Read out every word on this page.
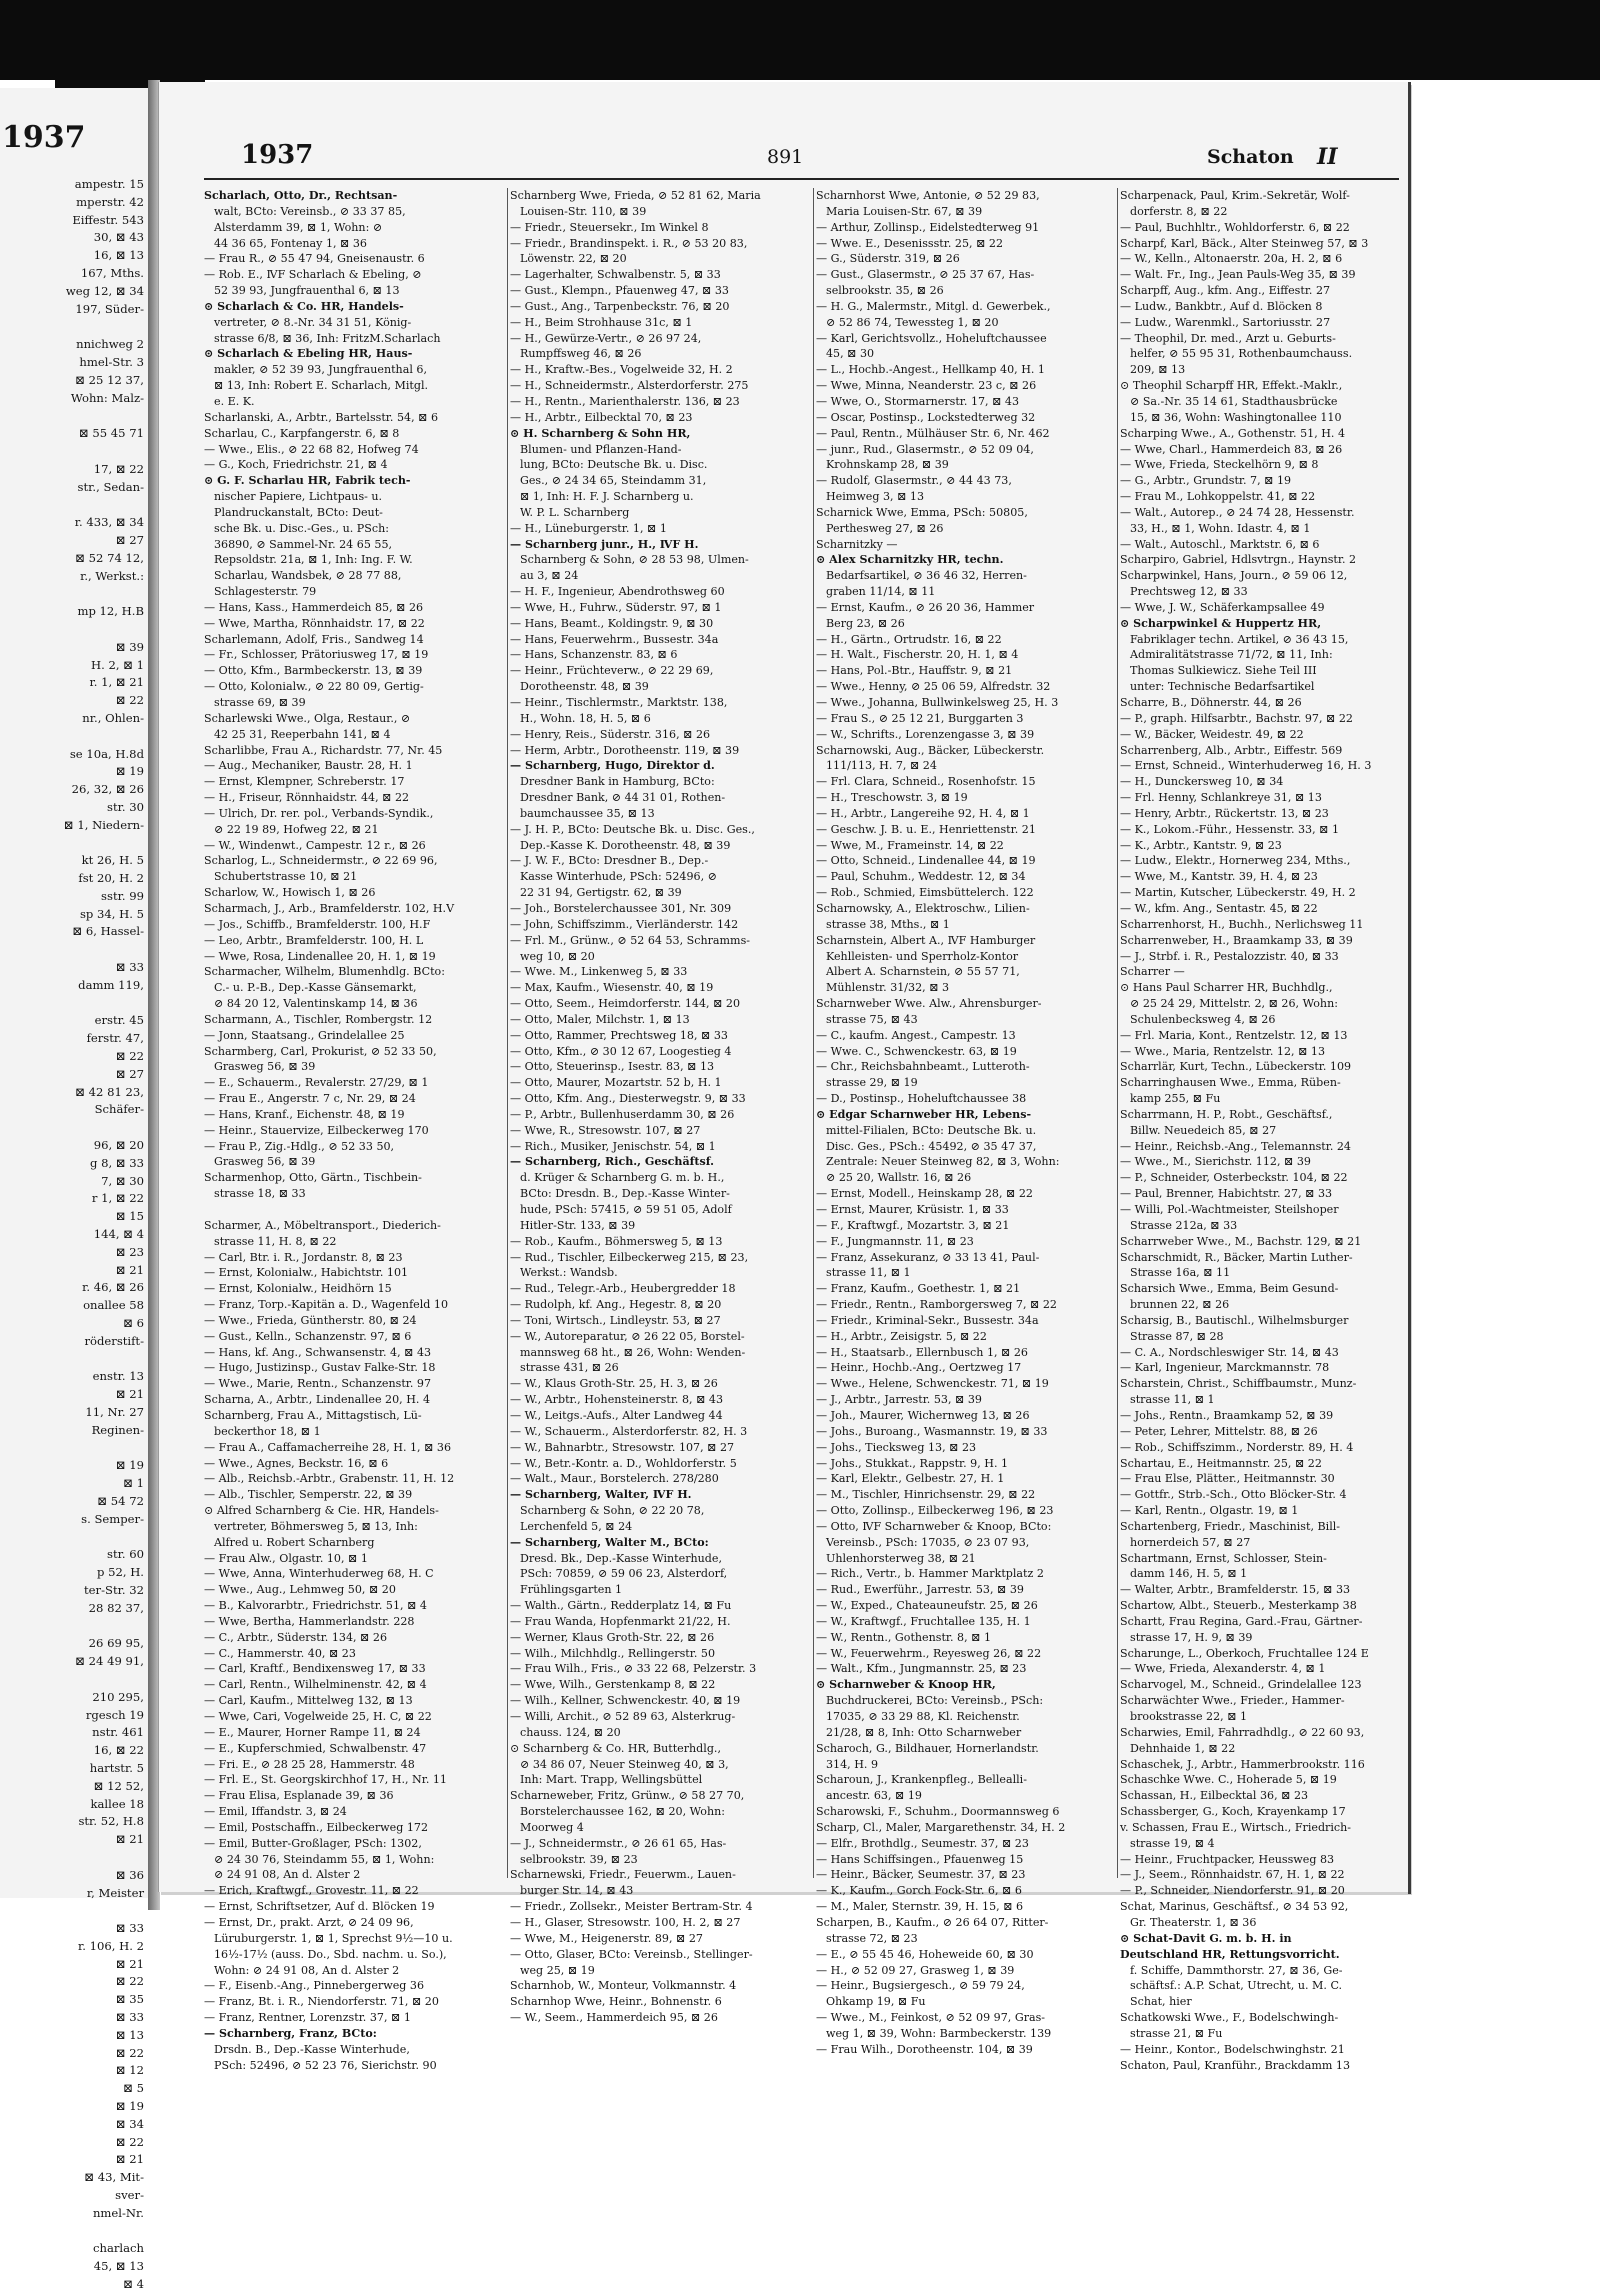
1937
ampestr. 15
mperstr. 42
Eiffestr. 543
30, ⊠ 43
16, ⊠ 13
167, Mths.
weg 12, ⊠ 34
197, Süder-

nnichweg 2
hmel-Str. 3
⊠ 25 12 37,
Wohn: Malz-

⊠ 55 45 71

17, ⊠ 22
str., Sedan-

r. 433, ⊠ 34
⊠ 27
⊠ 52 74 12,
r., Werkst.:

mp 12, H.B

⊠ 39
H. 2, ⊠ 1
r. 1, ⊠ 21
⊠ 22
nr., Ohlen-

se 10a, H.8d
⊠ 19
26, 32, ⊠ 26
str. 30
⊠ 1, Niedern-

kt 26, H. 5
fst 20, H. 2
sstr. 99
sp 34, H. 5
⊠ 6, Hassel-

⊠ 33
damm 119,

erstr. 45
ferstr. 47,
⊠ 22
⊠ 27
⊠ 42 81 23,
Schäfer-

96, ⊠ 20
g 8, ⊠ 33
7, ⊠ 30
r 1, ⊠ 22
⊠ 15
144, ⊠ 4
⊠ 23
⊠ 21
r. 46, ⊠ 26
onallee 58
⊠ 6
röderstift-

enstr. 13
⊠ 21
11, Nr. 27
Reginen-

⊠ 19
⊠ 1
⊠ 54 72
s. Semper-

str. 60
p 52, H.
ter-Str. 32
28 82 37,

26 69 95,
⊠ 24 49 91,

210 295,
rgesch 19
nstr. 461
16, ⊠ 22
hartstr. 5
⊠ 12 52,
kallee 18
str. 52, H.8
⊠ 21

⊠ 36
r, Meister

⊠ 33
r. 106, H. 2
⊠ 21
⊠ 22
⊠ 35
⊠ 33
⊠ 13
⊠ 22
⊠ 12
⊠ 5
⊠ 19
⊠ 34
⊠ 22
⊠ 21
⊠ 43, Mit-
sver-
nmel-Nr.

charlach
45, ⊠ 13
⊠ 4
1937	891	Schaton II
Scharlach, Otto, Dr., Rechtsan-
walt, BCto: Vereinsb., ⊘ 33 37 85,
Alsterdamm 39, ⊠ 1, Wohn: ⊘
44 36 65, Fontenay 1, ⊠ 36
— Frau R., ⊘ 55 47 94, Gneisenaustr. 6
— Rob. E., ⅣF Scharlach & Ebeling, ⊘
52 39 93, Jungfrauenthal 6, ⊠ 13
⊙ Scharlach & Co. HR, Handels-
vertreter, ⊘ 8.-Nr. 34 31 51, König-
strasse 6/8, ⊠ 36, Inh: FritzM.Scharlach
⊙ Scharlach & Ebeling HR, Haus-
makler, ⊘ 52 39 93, Jungfrauenthal 6,
⊠ 13, Inh: Robert E. Scharlach, Mitgl.
e. E. K.
Scharlanski, A., Arbtr., Bartelsstr. 54, ⊠ 6
Scharlau, C., Karpfangerstr. 6, ⊠ 8
— Wwe., Elis., ⊘ 22 68 82, Hofweg 74
— G., Koch, Friedrichstr. 21, ⊠ 4
⊙ G. F. Scharlau HR, Fabrik tech-
nischer Papiere, Lichtpaus- u.
Plandruckanstalt, BCto: Deut-
sche Bk. u. Disc.-Ges., u. PSch:
36890, ⊘ Sammel-Nr. 24 65 55,
Repsoldstr. 21a, ⊠ 1, Inh: Ing. F. W.
Scharlau, Wandsbek, ⊘ 28 77 88,
Schlagesterstr. 79
— Hans, Kass., Hammerdeich 85, ⊠ 26
— Wwe, Martha, Rönnhaidstr. 17, ⊠ 22
Scharlemann, Adolf, Fris., Sandweg 14
— Fr., Schlosser, Prätoriusweg 17, ⊠ 19
— Otto, Kfm., Barmbeckerstr. 13, ⊠ 39
— Otto, Kolonialw., ⊘ 22 80 09, Gertig-
strasse 69, ⊠ 39
Scharlewski Wwe., Olga, Restaur., ⊘
42 25 31, Reeperbahn 141, ⊠ 4
Scharlibbe, Frau A., Richardstr. 77, Nr. 45
— Aug., Mechaniker, Baustr. 28, H. 1
— Ernst, Klempner, Schreberstr. 17
— H., Friseur, Rönnhaidstr. 44, ⊠ 22
— Ulrich, Dr. rer. pol., Verbands-Syndik.,
⊘ 22 19 89, Hofweg 22, ⊠ 21
— W., Windenwt., Campestr. 12 r., ⊠ 26
Scharlog, L., Schneidermstr., ⊘ 22 69 96,
Schubertstrasse 10, ⊠ 21
Scharlow, W., Howisch 1, ⊠ 26
Scharmach, J., Arb., Bramfelderstr. 102, H.V
— Jos., Schiffb., Bramfelderstr. 100, H.F
— Leo, Arbtr., Bramfelderstr. 100, H. L
— Wwe, Rosa, Lindenallee 20, H. 1, ⊠ 19
Scharmacher, Wilhelm, Blumenhdlg. BCto:
C.- u. P.-B., Dep.-Kasse Gänsemarkt,
⊘ 84 20 12, Valentinskamp 14, ⊠ 36
Scharmann, A., Tischler, Rombergstr. 12
— Jonn, Staatsang., Grindelallee 25
Scharmberg, Carl, Prokurist, ⊘ 52 33 50,
Grasweg 56, ⊠ 39
— E., Schauerm., Revalerstr. 27/29, ⊠ 1
— Frau E., Angerstr. 7 c, Nr. 29, ⊠ 24
— Hans, Kranf., Eichenstr. 48, ⊠ 19
— Heinr., Stauervize, Eilbeckerweg 170
— Frau P., Zig.-Hdlg., ⊘ 52 33 50,
Grasweg 56, ⊠ 39
Scharmenhop, Otto, Gärtn., Tischbein-
strasse 18, ⊠ 33

Scharmer, A., Möbeltransport., Diederich-
strasse 11, H. 8, ⊠ 22
— Carl, Btr. i. R., Jordanstr. 8, ⊠ 23
— Ernst, Kolonialw., Habichtstr. 101
— Ernst, Kolonialw., Heidhörn 15
— Franz, Torp.-Kapitän a. D., Wagenfeld 10
— Wwe., Frieda, Güntherstr. 80, ⊠ 24
— Gust., Kelln., Schanzenstr. 97, ⊠ 6
— Hans, kf. Ang., Schwansenstr. 4, ⊠ 43
— Hugo, Justizinsp., Gustav Falke-Str. 18
— Wwe., Marie, Rentn., Schanzenstr. 97
Scharna, A., Arbtr., Lindenallee 20, H. 4
Scharnberg, Frau A., Mittagstisch, Lü-
beckerthor 18, ⊠ 1
— Frau A., Caffamacherreihe 28, H. 1, ⊠ 36
— Wwe., Agnes, Beckstr. 16, ⊠ 6
— Alb., Reichsb.-Arbtr., Grabenstr. 11, H. 12
— Alb., Tischler, Semperstr. 22, ⊠ 39
⊙ Alfred Scharnberg & Cie. HR, Handels-
vertreter, Böhmersweg 5, ⊠ 13, Inh:
Alfred u. Robert Scharnberg
— Frau Alw., Olgastr. 10, ⊠ 1
— Wwe, Anna, Winterhuderweg 68, H. C
— Wwe., Aug., Lehmweg 50, ⊠ 20
— B., Kalvorarbtr., Friedrichstr. 51, ⊠ 4
— Wwe, Bertha, Hammerlandstr. 228
— C., Arbtr., Süderstr. 134, ⊠ 26
— C., Hammerstr. 40, ⊠ 23
— Carl, Kraftf., Bendixensweg 17, ⊠ 33
— Carl, Rentn., Wilhelminenstr. 42, ⊠ 4
— Carl, Kaufm., Mittelweg 132, ⊠ 13
— Wwe, Cari, Vogelweide 25, H. C, ⊠ 22
— E., Maurer, Horner Rampe 11, ⊠ 24
— E., Kupferschmied, Schwalbenstr. 47
— Fri. E., ⊘ 28 25 28, Hammerstr. 48
— Frl. E., St. Georgskirchhof 17, H., Nr. 11
— Frau Elisa, Esplanade 39, ⊠ 36
— Emil, Iffandstr. 3, ⊠ 24
— Emil, Postschaffn., Eilbeckerweg 172
— Emil, Butter-Großlager, PSch: 1302,
⊘ 24 30 76, Steindamm 55, ⊠ 1, Wohn:
⊘ 24 91 08, An d. Alster 2
— Erich, Kraftwgf., Grovestr. 11, ⊠ 22
— Ernst, Schriftsetzer, Auf d. Blöcken 19
— Ernst, Dr., prakt. Arzt, ⊘ 24 09 96,
Lüruburgerstr. 1, ⊠ 1, Sprechst 9½—10 u.
16½-17½ (auss. Do., Sbd. nachm. u. So.),
Wohn: ⊘ 24 91 08, An d. Alster 2
— F., Eisenb.-Ang., Pinnebergerweg 36
— Franz, Bt. i. R., Niendorferstr. 71, ⊠ 20
— Franz, Rentner, Lorenzstr. 37, ⊠ 1
— Scharnberg, Franz, BCto:
Drsdn. B., Dep.-Kasse Winterhude,
PSch: 52496, ⊘ 52 23 76, Sierichstr. 90
Scharnberg Wwe, Frieda, ⊘ 52 81 62, Maria
Louisen-Str. 110, ⊠ 39
— Friedr., Steuersekr., Im Winkel 8
— Friedr., Brandinspekt. i. R., ⊘ 53 20 83,
Löwenstr. 22, ⊠ 20
— Lagerhalter, Schwalbenstr. 5, ⊠ 33
— Gust., Klempn., Pfauenweg 47, ⊠ 33
— Gust., Ang., Tarpenbeckstr. 76, ⊠ 20
— H., Beim Strohhause 31c, ⊠ 1
— H., Gewürze-Vertr., ⊘ 26 97 24,
Rumpffsweg 46, ⊠ 26
— H., Kraftw.-Bes., Vogelweide 32, H. 2
— H., Schneidermstr., Alsterdorferstr. 275
— H., Rentn., Marienthalerstr. 136, ⊠ 23
— H., Arbtr., Eilbecktal 70, ⊠ 23
⊙ H. Scharnberg & Sohn HR,
Blumen- und Pflanzen-Hand-
lung, BCto: Deutsche Bk. u. Disc.
Ges., ⊘ 24 34 65, Steindamm 31,
⊠ 1, Inh: H. F. J. Scharnberg u.
W. P. L. Scharnberg
— H., Lüneburgerstr. 1, ⊠ 1
— Scharnberg junr., H., ⅣF H.
Scharnberg & Sohn, ⊘ 28 53 98, Ulmen-
au 3, ⊠ 24
— H. F., Ingenieur, Abendrothsweg 60
— Wwe, H., Fuhrw., Süderstr. 97, ⊠ 1
— Hans, Beamt., Koldingstr. 9, ⊠ 30
— Hans, Feuerwehrm., Bussestr. 34a
— Hans, Schanzenstr. 83, ⊠ 6
— Heinr., Früchteverw., ⊘ 22 29 69,
Dorotheenstr. 48, ⊠ 39
— Heinr., Tischlermstr., Marktstr. 138,
H., Wohn. 18, H. 5, ⊠ 6
— Henry, Reis., Süderstr. 316, ⊠ 26
— Herm, Arbtr., Dorotheenstr. 119, ⊠ 39
— Scharnberg, Hugo, Direktor d.
Dresdner Bank in Hamburg, BCto:
Dresdner Bank, ⊘ 44 31 01, Rothen-
baumchaussee 35, ⊠ 13
— J. H. P., BCto: Deutsche Bk. u. Disc. Ges.,
Dep.-Kasse K. Dorotheenstr. 48, ⊠ 39
— J. W. F., BCto: Dresdner B., Dep.-
Kasse Winterhude, PSch: 52496, ⊘
22 31 94, Gertigstr. 62, ⊠ 39
— Joh., Borstelerchaussee 301, Nr. 309
— John, Schiffszimm., Vierländerstr. 142
— Frl. M., Grünw., ⊘ 52 64 53, Schramms-
weg 10, ⊠ 20
— Wwe. M., Linkenweg 5, ⊠ 33
— Max, Kaufm., Wiesenstr. 40, ⊠ 19
— Otto, Seem., Heimdorferstr. 144, ⊠ 20
— Otto, Maler, Milchstr. 1, ⊠ 13
— Otto, Rammer, Prechtsweg 18, ⊠ 33
— Otto, Kfm., ⊘ 30 12 67, Loogestieg 4
— Otto, Steuerinsp., Isestr. 83, ⊠ 13
— Otto, Maurer, Mozartstr. 52 b, H. 1
— Otto, Kfm. Ang., Diesterwegstr. 9, ⊠ 33
— P., Arbtr., Bullenhuserdamm 30, ⊠ 26
— Wwe, R., Stresowstr. 107, ⊠ 27
— Rich., Musiker, Jenischstr. 54, ⊠ 1
— Scharnberg, Rich., Geschäftsf.
d. Krüger & Scharnberg G. m. b. H.,
BCto: Dresdn. B., Dep.-Kasse Winter-
hude, PSch: 57415, ⊘ 59 51 05, Adolf
Hitler-Str. 133, ⊠ 39
— Rob., Kaufm., Böhmersweg 5, ⊠ 13
— Rud., Tischler, Eilbeckerweg 215, ⊠ 23,
Werkst.: Wandsb.
— Rud., Telegr.-Arb., Heubergredder 18
— Rudolph, kf. Ang., Hegestr. 8, ⊠ 20
— Toni, Wirtsch., Lindleystr. 53, ⊠ 27
— W., Autoreparatur, ⊘ 26 22 05, Borstel-
mannsweg 68 ht., ⊠ 26, Wohn: Wenden-
strasse 431, ⊠ 26
— W., Klaus Groth-Str. 25, H. 3, ⊠ 26
— W., Arbtr., Hohensteinerstr. 8, ⊠ 43
— W., Leitgs.-Aufs., Alter Landweg 44
— W., Schauerm., Alsterdorferstr. 82, H. 3
— W., Bahnarbtr., Stresowstr. 107, ⊠ 27
— W., Betr.-Kontr. a. D., Wohldorferstr. 5
— Walt., Maur., Borstelerch. 278/280
— Scharnberg, Walter, ⅣF H.
Scharnberg & Sohn, ⊘ 22 20 78,
Lerchenfeld 5, ⊠ 24
— Scharnberg, Walter M., BCto:
Dresd. Bk., Dep.-Kasse Winterhude,
PSch: 70859, ⊘ 59 06 23, Alsterdorf,
Frühlingsgarten 1
— Walth., Gärtn., Redderplatz 14, ⊠ Fu
— Frau Wanda, Hopfenmarkt 21/22, H.
— Werner, Klaus Groth-Str. 22, ⊠ 26
— Wilh., Milchhdlg., Rellingerstr. 50
— Frau Wilh., Fris., ⊘ 33 22 68, Pelzerstr. 3
— Wwe, Wilh., Gerstenkamp 8, ⊠ 22
— Wilh., Kellner, Schwenckestr. 40, ⊠ 19
— Willi, Archit., ⊘ 52 89 63, Alsterkrug-
chauss. 124, ⊠ 20
⊙ Scharnberg & Co. HR, Butterhdlg.,
⊘ 34 86 07, Neuer Steinweg 40, ⊠ 3,
Inh: Mart. Trapp, Wellingsbüttel
Scharneweber, Fritz, Grünw., ⊘ 58 27 70,
Borstelerchaussee 162, ⊠ 20, Wohn:
Moorweg 4
— J., Schneidermstr., ⊘ 26 61 65, Has-
selbrookstr. 39, ⊠ 23
Scharnewski, Friedr., Feuerwm., Lauen-
burger Str. 14, ⊠ 43
— Friedr., Zollsekr., Meister Bertram-Str. 4
— H., Glaser, Stresowstr. 100, H. 2, ⊠ 27
— Wwe, M., Heigenerstr. 89, ⊠ 27
— Otto, Glaser, BCto: Vereinsb., Stellinger-
weg 25, ⊠ 19
Scharnhob, W., Monteur, Volkmannstr. 4
Scharnhop Wwe, Heinr., Bohnenstr. 6
— W., Seem., Hammerdeich 95, ⊠ 26
Scharnhorst Wwe, Antonie, ⊘ 52 29 83,
Maria Louisen-Str. 67, ⊠ 39
— Arthur, Zollinsp., Eidelstedterweg 91
— Wwe. E., Desenissstr. 25, ⊠ 22
— G., Süderstr. 319, ⊠ 26
— Gust., Glasermstr., ⊘ 25 37 67, Has-
selbrookstr. 35, ⊠ 26
— H. G., Malermstr., Mitgl. d. Gewerbek.,
⊘ 52 86 74, Tewessteg 1, ⊠ 20
— Karl, Gerichtsvollz., Hoheluftchaussee
45, ⊠ 30
— L., Hochb.-Angest., Hellkamp 40, H. 1
— Wwe, Minna, Neanderstr. 23 c, ⊠ 26
— Wwe, O., Stormarnerstr. 17, ⊠ 43
— Oscar, Postinsp., Lockstedterweg 32
— Paul, Rentn., Mülhäuser Str. 6, Nr. 462
— junr., Rud., Glasermstr., ⊘ 52 09 04,
Krohnskamp 28, ⊠ 39
— Rudolf, Glasermstr., ⊘ 44 43 73,
Heimweg 3, ⊠ 13
Scharnick Wwe, Emma, PSch: 50805,
Perthesweg 27, ⊠ 26
Scharnitzky —
⊙ Alex Scharnitzky HR, techn.
Bedarfsartikel, ⊘ 36 46 32, Herren-
graben 11/14, ⊠ 11
— Ernst, Kaufm., ⊘ 26 20 36, Hammer
Berg 23, ⊠ 26
— H., Gärtn., Ortrudstr. 16, ⊠ 22
— H. Walt., Fischerstr. 20, H. 1, ⊠ 4
— Hans, Pol.-Btr., Hauffstr. 9, ⊠ 21
— Wwe., Henny, ⊘ 25 06 59, Alfredstr. 32
— Wwe., Johanna, Bullwinkelsweg 25, H. 3
— Frau S., ⊘ 25 12 21, Burggarten 3
— W., Schrifts., Lorenzengasse 3, ⊠ 39
Scharnowski, Aug., Bäcker, Lübeckerstr.
111/113, H. 7, ⊠ 24
— Frl. Clara, Schneid., Rosenhofstr. 15
— H., Treschowstr. 3, ⊠ 19
— H., Arbtr., Langereihe 92, H. 4, ⊠ 1
— Geschw. J. B. u. E., Henriettenstr. 21
— Wwe, M., Frameinstr. 14, ⊠ 22
— Otto, Schneid., Lindenallee 44, ⊠ 19
— Paul, Schuhm., Weddestr. 12, ⊠ 34
— Rob., Schmied, Eimsbüttelerch. 122
Scharnowsky, A., Elektroschw., Lilien-
strasse 38, Mths., ⊠ 1
Scharnstein, Albert A., ⅣF Hamburger
Kehlleisten- und Sperrholz-Kontor
Albert A. Scharnstein, ⊘ 55 57 71,
Mühlenstr. 31/32, ⊠ 3
Scharnweber Wwe. Alw., Ahrensburger-
strasse 75, ⊠ 43
— C., kaufm. Angest., Campestr. 13
— Wwe. C., Schwenckestr. 63, ⊠ 19
— Chr., Reichsbahnbeamt., Lutteroth-
strasse 29, ⊠ 19
— D., Postinsp., Hoheluftchaussee 38
⊙ Edgar Scharnweber HR, Lebens-
mittel-Filialen, BCto: Deutsche Bk. u.
Disc. Ges., PSch.: 45492, ⊘ 35 47 37,
Zentrale: Neuer Steinweg 82, ⊠ 3, Wohn:
⊘ 25 20, Wallstr. 16, ⊠ 26
— Ernst, Modell., Heinskamp 28, ⊠ 22
— Ernst, Maurer, Krüsistr. 1, ⊠ 33
— F., Kraftwgf., Mozartstr. 3, ⊠ 21
— F., Jungmannstr. 11, ⊠ 23
— Franz, Assekuranz, ⊘ 33 13 41, Paul-
strasse 11, ⊠ 1
— Franz, Kaufm., Goethestr. 1, ⊠ 21
— Friedr., Rentn., Ramborgersweg 7, ⊠ 22
— Friedr., Kriminal-Sekr., Bussestr. 34a
— H., Arbtr., Zeisigstr. 5, ⊠ 22
— H., Staatsarb., Ellernbusch 1, ⊠ 26
— Heinr., Hochb.-Ang., Oertzweg 17
— Wwe., Helene, Schwenckestr. 71, ⊠ 19
— J., Arbtr., Jarrestr. 53, ⊠ 39
— Joh., Maurer, Wichernweg 13, ⊠ 26
— Johs., Buroang., Wasmannstr. 19, ⊠ 33
— Johs., Tiecksweg 13, ⊠ 23
— Johs., Stukkat., Rappstr. 9, H. 1
— Karl, Elektr., Gelbestr. 27, H. 1
— M., Tischler, Hinrichsenstr. 29, ⊠ 22
— Otto, Zollinsp., Eilbeckerweg 196, ⊠ 23
— Otto, ⅣF Scharnweber & Knoop, BCto:
Vereinsb., PSch: 17035, ⊘ 23 07 93,
Uhlenhorsterweg 38, ⊠ 21
— Rich., Vertr., b. Hammer Marktplatz 2
— Rud., Ewerführ., Jarrestr. 53, ⊠ 39
— W., Exped., Chateauneufstr. 25, ⊠ 26
— W., Kraftwgf., Fruchtallee 135, H. 1
— W., Rentn., Gothenstr. 8, ⊠ 1
— W., Feuerwehrm., Reyesweg 26, ⊠ 22
— Walt., Kfm., Jungmannstr. 25, ⊠ 23
⊙ Scharnweber & Knoop HR,
Buchdruckerei, BCto: Vereinsb., PSch:
17035, ⊘ 33 29 88, Kl. Reichenstr.
21/28, ⊠ 8, Inh: Otto Scharnweber
Scharoch, G., Bildhauer, Hornerlandstr.
314, H. 9
Scharoun, J., Krankenpfleg., Bellealli-
ancestr. 63, ⊠ 19
Scharowski, F., Schuhm., Doormannsweg 6
Scharp, Cl., Maler, Margarethenstr. 34, H. 2
— Elfr., Brothdlg., Seumestr. 37, ⊠ 23
— Hans Schiffsingen., Pfauenweg 15
— Heinr., Bäcker, Seumestr. 37, ⊠ 23
— K., Kaufm., Gorch Fock-Str. 6, ⊠ 6
— M., Maler, Sternstr. 39, H. 15, ⊠ 6
Scharpen, B., Kaufm., ⊘ 26 64 07, Ritter-
strasse 72, ⊠ 23
— E., ⊘ 55 45 46, Hoheweide 60, ⊠ 30
— H., ⊘ 52 09 27, Grasweg 1, ⊠ 39
— Heinr., Bugsiergesch., ⊘ 59 79 24,
Ohkamp 19, ⊠ Fu
— Wwe., M., Feinkost, ⊘ 52 09 97, Gras-
weg 1, ⊠ 39, Wohn: Barmbeckerstr. 139
— Frau Wilh., Dorotheenstr. 104, ⊠ 39
Scharpenack, Paul, Krim.-Sekretär, Wolf-
dorferstr. 8, ⊠ 22
— Paul, Buchhltr., Wohldorferstr. 6, ⊠ 22
Scharpf, Karl, Bäck., Alter Steinweg 57, ⊠ 3
— W., Kelln., Altonaerstr. 20a, H. 2, ⊠ 6
— Walt. Fr., Ing., Jean Pauls-Weg 35, ⊠ 39
Scharpff, Aug., kfm. Ang., Eiffestr. 27
— Ludw., Bankbtr., Auf d. Blöcken 8
— Ludw., Warenmkl., Sartoriusstr. 27
— Theophil, Dr. med., Arzt u. Geburts-
helfer, ⊘ 55 95 31, Rothenbaumchauss.
209, ⊠ 13
⊙ Theophil Scharpff HR, Effekt.-Maklr.,
⊘ Sa.-Nr. 35 14 61, Stadthausbrücke
15, ⊠ 36, Wohn: Washingtonallee 110
Scharping Wwe., A., Gothenstr. 51, H. 4
— Wwe, Charl., Hammerdeich 83, ⊠ 26
— Wwe, Frieda, Steckelhörn 9, ⊠ 8
— G., Arbtr., Grundstr. 7, ⊠ 19
— Frau M., Lohkoppelstr. 41, ⊠ 22
— Walt., Autorep., ⊘ 24 74 28, Hessenstr.
33, H., ⊠ 1, Wohn. Idastr. 4, ⊠ 1
— Walt., Autoschl., Marktstr. 6, ⊠ 6
Scharpiro, Gabriel, Hdlsvtrgn., Haynstr. 2
Scharpwinkel, Hans, Journ., ⊘ 59 06 12,
Prechtsweg 12, ⊠ 33
— Wwe, J. W., Schäferkampsallee 49
⊙ Scharpwinkel & Huppertz HR,
Fabriklager techn. Artikel, ⊘ 36 43 15,
Admiralitätstrasse 71/72, ⊠ 11, Inh:
Thomas Sulkiewicz. Siehe Teil III
unter: Technische Bedarfsartikel
Scharre, B., Döhnerstr. 44, ⊠ 26
— P., graph. Hilfsarbtr., Bachstr. 97, ⊠ 22
— W., Bäcker, Weidestr. 49, ⊠ 22
Scharrenberg, Alb., Arbtr., Eiffestr. 569
— Ernst, Schneid., Winterhuderweg 16, H. 3
— H., Dunckersweg 10, ⊠ 34
— Frl. Henny, Schlankreye 31, ⊠ 13
— Henry, Arbtr., Rückertstr. 13, ⊠ 23
— K., Lokom.-Führ., Hessenstr. 33, ⊠ 1
— K., Arbtr., Kantstr. 9, ⊠ 23
— Ludw., Elektr., Hornerweg 234, Mths.,
— Wwe, M., Kantstr. 39, H. 4, ⊠ 23
— Martin, Kutscher, Lübeckerstr. 49, H. 2
— W., kfm. Ang., Sentastr. 45, ⊠ 22
Scharrenhorst, H., Buchh., Nerlichsweg 11
Scharrenweber, H., Braamkamp 33, ⊠ 39
— J., Strbf. i. R., Pestalozzistr. 40, ⊠ 33
Scharrer —
⊙ Hans Paul Scharrer HR, Buchhdlg.,
⊘ 25 24 29, Mittelstr. 2, ⊠ 26, Wohn:
Schulenbecksweg 4, ⊠ 26
— Frl. Maria, Kont., Rentzelstr. 12, ⊠ 13
— Wwe., Maria, Rentzelstr. 12, ⊠ 13
Scharrlär, Kurt, Techn., Lübeckerstr. 109
Scharringhausen Wwe., Emma, Rüben-
kamp 255, ⊠ Fu
Scharrmann, H. P., Robt., Geschäftsf.,
Billw. Neuedeich 85, ⊠ 27
— Heinr., Reichsb.-Ang., Telemannstr. 24
— Wwe., M., Sierichstr. 112, ⊠ 39
— P., Schneider, Osterbeckstr. 104, ⊠ 22
— Paul, Brenner, Habichtstr. 27, ⊠ 33
— Willi, Pol.-Wachtmeister, Steilshoper
Strasse 212a, ⊠ 33
Scharrweber Wwe., M., Bachstr. 129, ⊠ 21
Scharschmidt, R., Bäcker, Martin Luther-
Strasse 16a, ⊠ 11
Scharsich Wwe., Emma, Beim Gesund-
brunnen 22, ⊠ 26
Scharsig, B., Bautischl., Wilhelmsburger
Strasse 87, ⊠ 28
— C. A., Nordschleswiger Str. 14, ⊠ 43
— Karl, Ingenieur, Marckmannstr. 78
Scharstein, Christ., Schiffbaumstr., Munz-
strasse 11, ⊠ 1
— Johs., Rentn., Braamkamp 52, ⊠ 39
— Peter, Lehrer, Mittelstr. 88, ⊠ 26
— Rob., Schiffszimm., Norderstr. 89, H. 4
Schartau, E., Heitmannstr. 25, ⊠ 22
— Frau Else, Plätter., Heitmannstr. 30
— Gottfr., Strb.-Sch., Otto Blöcker-Str. 4
— Karl, Rentn., Olgastr. 19, ⊠ 1
Schartenberg, Friedr., Maschinist, Bill-
hornerdeich 57, ⊠ 27
Schartmann, Ernst, Schlosser, Stein-
damm 146, H. 5, ⊠ 1
— Walter, Arbtr., Bramfelderstr. 15, ⊠ 33
Schartow, Albt., Steuerb., Mesterkamp 38
Schartt, Frau Regina, Gard.-Frau, Gärtner-
strasse 17, H. 9, ⊠ 39
Scharunge, L., Oberkoch, Fruchtallee 124 E
— Wwe, Frieda, Alexanderstr. 4, ⊠ 1
Scharvogel, M., Schneid., Grindelallee 123
Scharwächter Wwe., Frieder., Hammer-
brookstrasse 22, ⊠ 1
Scharwies, Emil, Fahrradhdlg., ⊘ 22 60 93,
Dehnhaide 1, ⊠ 22
Schaschek, J., Arbtr., Hammerbrookstr. 116
Schaschke Wwe. C., Hoherade 5, ⊠ 19
Schassan, H., Eilbecktal 36, ⊠ 23
Schassberger, G., Koch, Krayenkamp 17
v. Schassen, Frau E., Wirtsch., Friedrich-
strasse 19, ⊠ 4
— Heinr., Fruchtpacker, Heussweg 83
— J., Seem., Rönnhaidstr. 67, H. 1, ⊠ 22
— P., Schneider, Niendorferstr. 91, ⊠ 20
Schat, Marinus, Geschäftsf., ⊘ 34 53 92,
Gr. Theaterstr. 1, ⊠ 36
⊙ Schat-Davit G. m. b. H. in
Deutschland HR, Rettungsvorricht.
f. Schiffe, Dammthorstr. 27, ⊠ 36, Ge-
schäftsf.: A.P. Schat, Utrecht, u. M. C.
Schat, hier
Schatkowski Wwe., F., Bodelschwingh-
strasse 21, ⊠ Fu
— Heinr., Kontor., Bodelschwinghstr. 21
Schaton, Paul, Kranführ., Brackdamm 13
